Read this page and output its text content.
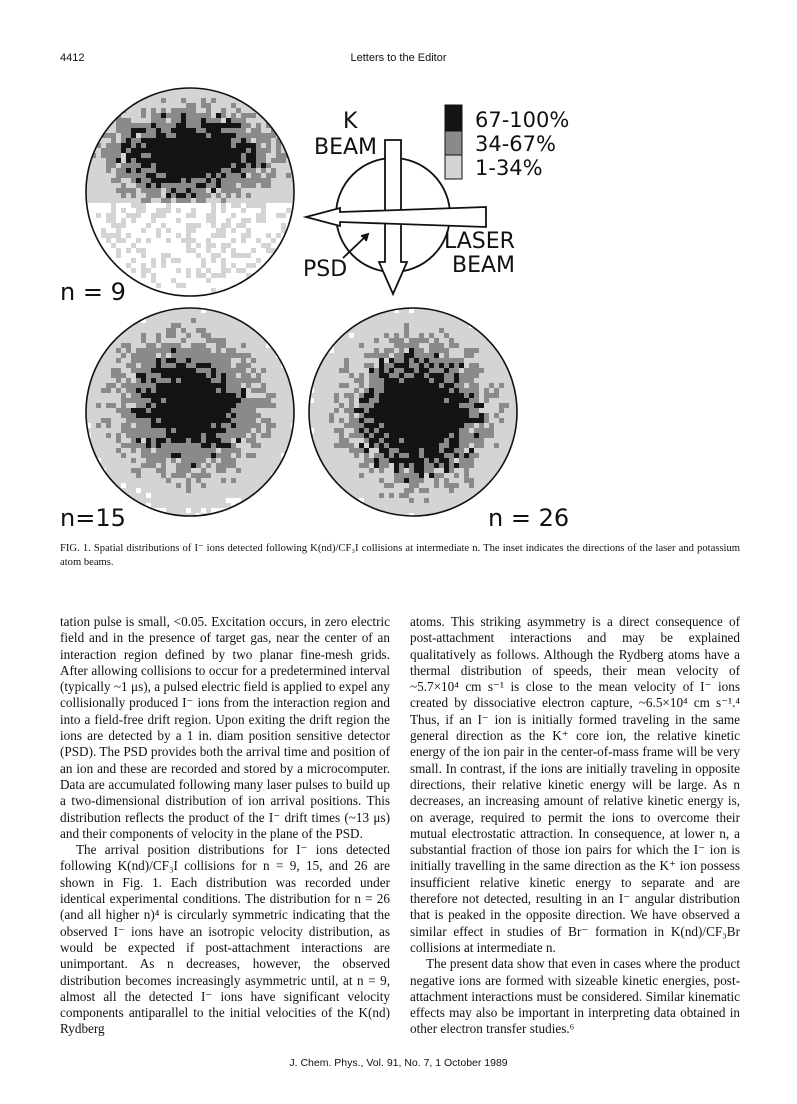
4412	Letters to the Editor
K
BEAM
LASER
BEAM
PSD
n = 9
n=15	n = 26
67-100%
34-67%
1-34%
FIG. 1. Spatial distributions of I⁻ ions detected following K(nd)/CF₃I collisions at intermediate n. The inset indicates the directions of the laser and potassium atom beams.

tation pulse is small, <0.05. Excitation occurs, in zero electric field and in the presence of target gas, near the center of an interaction region defined by two planar fine-mesh grids. After allowing collisions to occur for a predetermined interval (typically ~1 μs), a pulsed electric field is applied to expel any collisionally produced I⁻ ions from the interaction region and into a field-free drift region. Upon exiting the drift region the ions are detected by a 1 in. diam position sensitive detector (PSD). The PSD provides both the arrival time and position of an ion and these are recorded and stored by a microcomputer. Data are accumulated following many laser pulses to build up a two-dimensional distribution of ion arrival positions. This distribution reflects the product of the I⁻ drift times (~13 μs) and their components of velocity in the plane of the PSD.

The arrival position distributions for I⁻ ions detected following K(nd)/CF₃I collisions for n = 9, 15, and 26 are shown in Fig. 1. Each distribution was recorded under identical experimental conditions. The distribution for n = 26 (and all higher n)⁴ is circularly symmetric indicating that the observed I⁻ ions have an isotropic velocity distribution, as would be expected if post-attachment interactions are unimportant. As n decreases, however, the observed distribution becomes increasingly asymmetric until, at n = 9, almost all the detected I⁻ ions have significant velocity components antiparallel to the initial velocities of the K(nd) Rydberg

atoms. This striking asymmetry is a direct consequence of post-attachment interactions and may be explained qualitatively as follows. Although the Rydberg atoms have a thermal distribution of speeds, their mean velocity of ~5.7×10⁴ cm s⁻¹ is close to the mean velocity of I⁻ ions created by dissociative electron capture, ~6.5×10⁴ cm s⁻¹.⁴ Thus, if an I⁻ ion is initially formed traveling in the same general direction as the K⁺ core ion, the relative kinetic energy of the ion pair in the center-of-mass frame will be very small. In contrast, if the ions are initially traveling in opposite directions, their relative kinetic energy will be large. As n decreases, an increasing amount of relative kinetic energy is, on average, required to permit the ions to overcome their mutual electrostatic attraction. In consequence, at lower n, a substantial fraction of those ion pairs for which the I⁻ ion is initially travelling in the same direction as the K⁺ ion possess insufficient relative kinetic energy to separate and are therefore not detected, resulting in an I⁻ angular distribution that is peaked in the opposite direction. We have observed a similar effect in studies of Br⁻ formation in K(nd)/CF₃Br collisions at intermediate n.

The present data show that even in cases where the product negative ions are formed with sizeable kinetic energies, post-attachment interactions must be considered. Similar kinematic effects may also be important in interpreting data obtained in other electron transfer studies.⁶

J. Chem. Phys., Vol. 91, No. 7, 1 October 1989
